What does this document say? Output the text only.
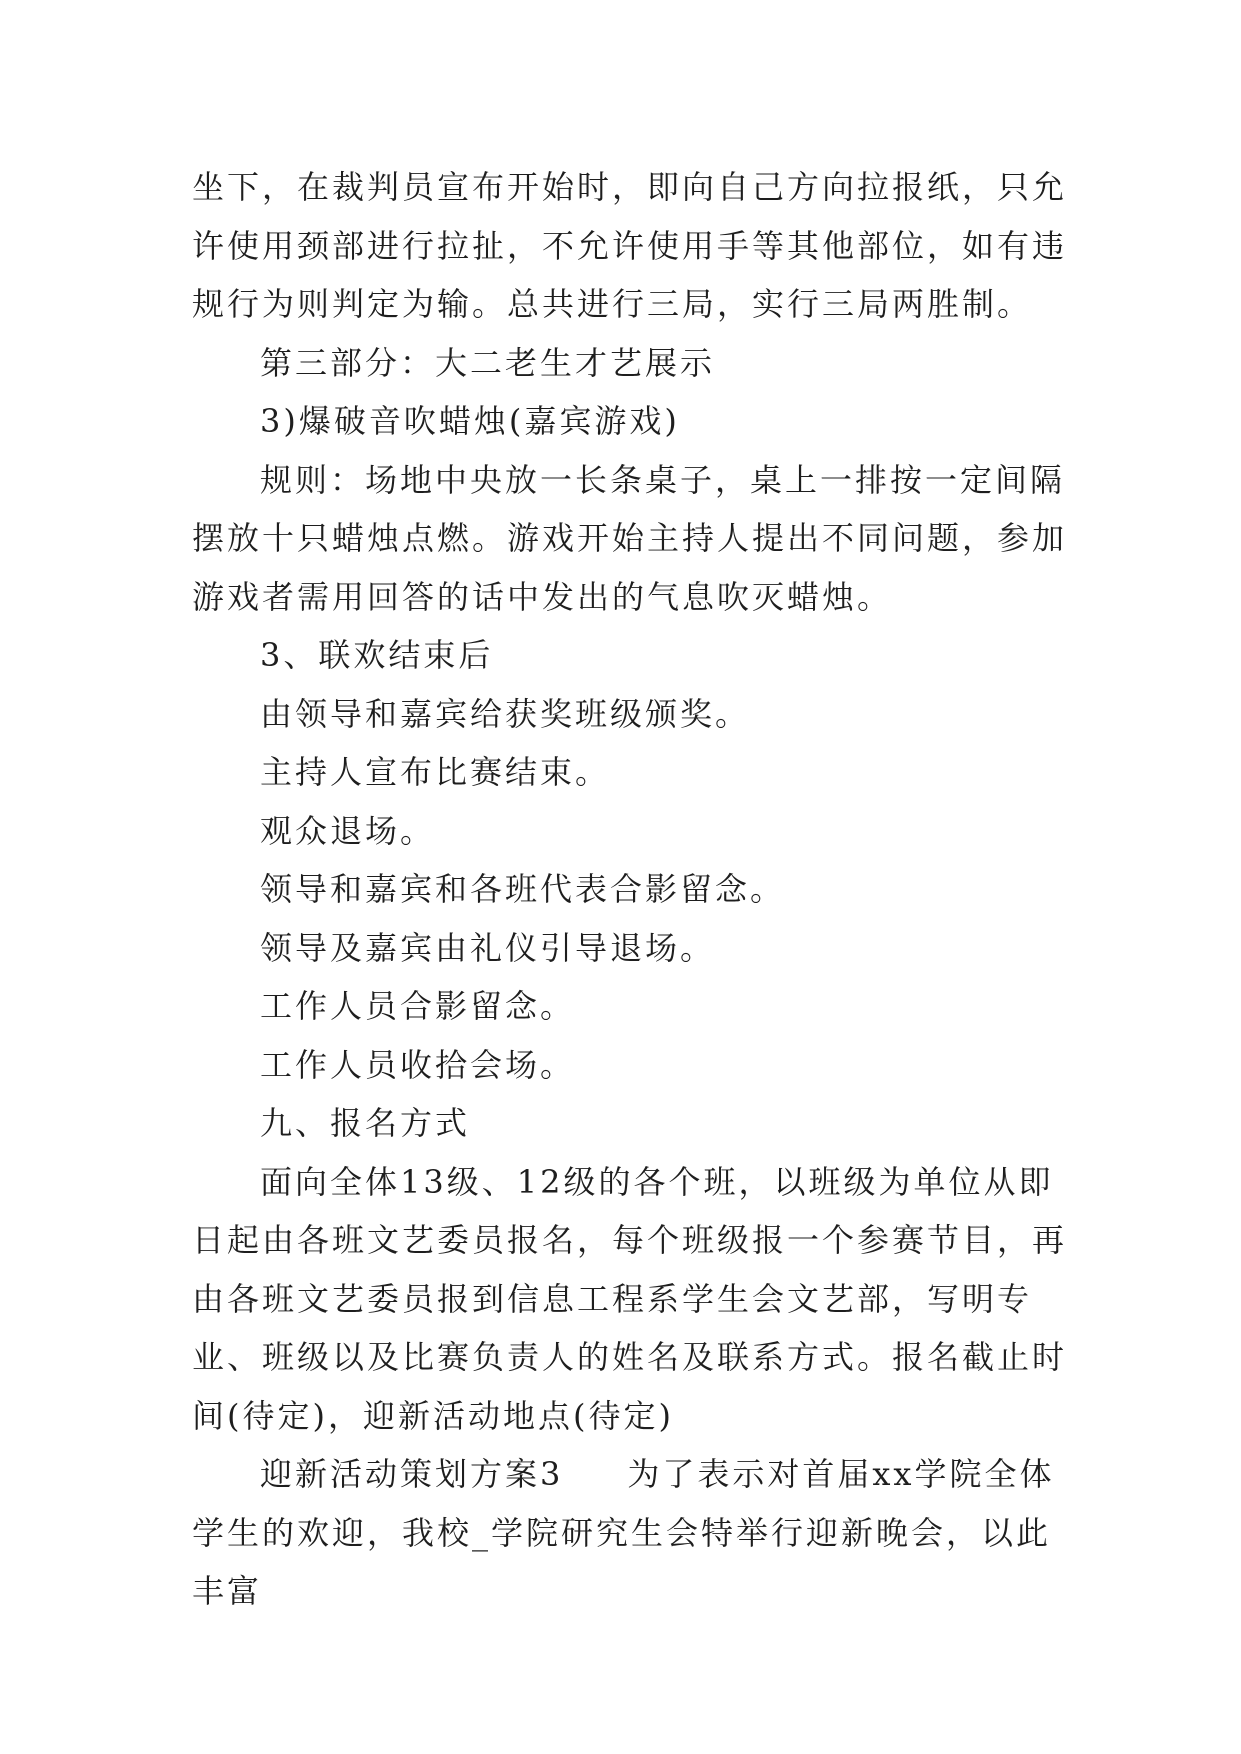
坐下，在裁判员宣布开始时，即向自己方向拉报纸，只允许使用颈部进行拉扯，不允许使用手等其他部位，如有违规行为则判定为输。总共进行三局，实行三局两胜制。

第三部分：大二老生才艺展示

3)爆破音吹蜡烛(嘉宾游戏)

规则：场地中央放一长条桌子，桌上一排按一定间隔摆放十只蜡烛点燃。游戏开始主持人提出不同问题，参加游戏者需用回答的话中发出的气息吹灭蜡烛。

3、联欢结束后

由领导和嘉宾给获奖班级颁奖。

主持人宣布比赛结束。

观众退场。

领导和嘉宾和各班代表合影留念。

领导及嘉宾由礼仪引导退场。

工作人员合影留念。

工作人员收拾会场。

九、报名方式

面向全体13级、12级的各个班，以班级为单位从即日起由各班文艺委员报名，每个班级报一个参赛节目，再由各班文艺委员报到信息工程系学生会文艺部，写明专业、班级以及比赛负责人的姓名及联系方式。报名截止时间(待定)，迎新活动地点(待定)

迎新活动策划方案3 为了表示对首届xx学院全体学生的欢迎，我校_学院研究生会特举行迎新晚会，以此丰富
